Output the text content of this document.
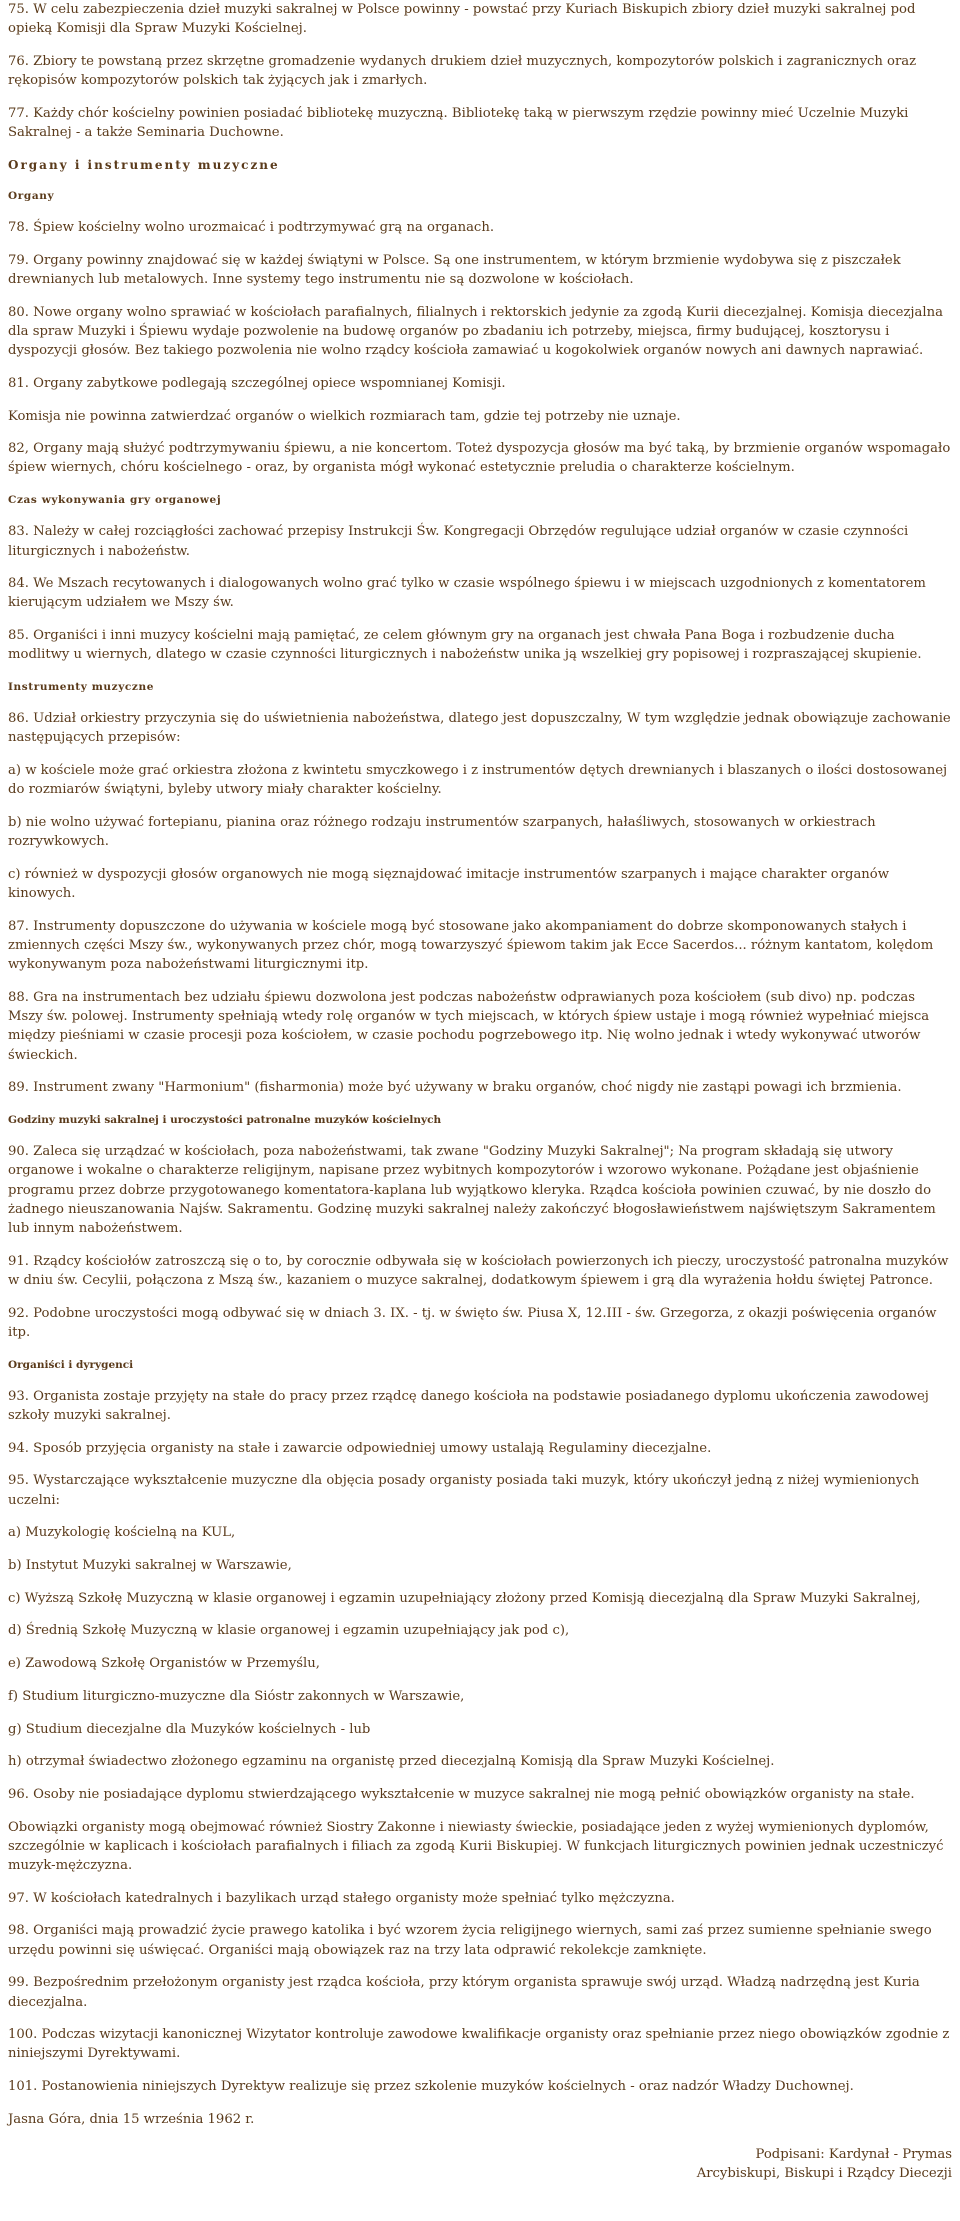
75. W celu zabezpieczenia dzieł muzyki sakralnej w Polsce powinny - powstać przy Kuriach Biskupich zbiory dzieł muzyki sakralnej pod opieką Komisji dla Spraw Muzyki Kościelnej.

76. Zbiory te powstaną przez skrzętne gromadzenie wydanych drukiem dzieł muzycznych, kompozytorów polskich i zagranicznych oraz rękopisów kompozytorów polskich tak żyjących jak i zmarłych.

77. Każdy chór kościelny powinien posiadać bibliotekę muzyczną. Bibliotekę taką w pierwszym rzędzie powinny mieć Uczelnie Muzyki Sakralnej - a także Seminaria Duchowne.

Organy i instrumenty muzyczne

Organy

78. Śpiew kościelny wolno urozmaicać i podtrzymywać grą na organach.

79. Organy powinny znajdować się w każdej świątyni w Polsce. Są one instrumentem, w którym brzmienie wydobywa się z piszczałek drewnianych lub metalowych. Inne systemy tego instrumentu nie są dozwolone w kościołach.

80. Nowe organy wolno sprawiać w kościołach parafialnych, filialnych i rektorskich jedynie za zgodą Kurii diecezjalnej. Komisja diecezjalna dla spraw Muzyki i Śpiewu wydaje pozwolenie na budowę organów po zbadaniu ich potrzeby, miejsca, firmy budującej, kosztorysu i dyspozycji głosów. Bez takiego pozwolenia nie wolno rządcy kościoła zamawiać u kogokolwiek organów nowych ani dawnych naprawiać.

81. Organy zabytkowe podlegają szczególnej opiece wspomnianej Komisji.

Komisja nie powinna zatwierdzać organów o wielkich rozmiarach tam, gdzie tej potrzeby nie uznaje.

82, Organy mają służyć podtrzymywaniu śpiewu, a nie koncertom. Toteż dyspozycja głosów ma być taką, by brzmienie organów wspomagało śpiew wiernych, chóru kościelnego - oraz, by organista mógł wykonać estetycznie preludia o charakterze kościelnym.

Czas wykonywania gry organowej

83. Należy w całej rozciągłości zachować przepisy Instrukcji Św. Kongregacji Obrzędów regulujące udział organów w czasie czynności liturgicznych i nabożeństw.

84. We Mszach recytowanych i dialogowanych wolno grać tylko w czasie wspólnego śpiewu i w miejscach uzgodnionych z komentatorem kierującym udziałem we Mszy św.

85. Organiści i inni muzycy kościelni mają pamiętać, ze celem głównym gry na organach jest chwała Pana Boga i rozbudzenie ducha modlitwy u wiernych, dlatego w czasie czynności liturgicznych i nabożeństw unika ją wszelkiej gry popisowej i rozpraszającej skupienie.

Instrumenty muzyczne

86. Udział orkiestry przyczynia się do uświetnienia nabożeństwa, dlatego jest dopuszczalny, W tym względzie jednak obowiązuje zachowanie następujących przepisów:

a) w kościele może grać orkiestra złożona z kwintetu smyczkowego i z instrumentów dętych drewnianych i blaszanych o ilości dostosowanej do rozmiarów świątyni, byleby utwory miały charakter kościelny.

b) nie wolno używać fortepianu, pianina oraz różnego rodzaju instrumentów szarpanych, hałaśliwych, stosowanych w orkiestrach rozrywkowych.

c) również w dyspozycji głosów organowych nie mogą sięznajdować imitacje instrumentów szarpanych i mające charakter organów kinowych.

87. Instrumenty dopuszczone do używania w kościele mogą być stosowane jako akompaniament do dobrze skomponowanych stałych i zmiennych części Mszy św., wykonywanych przez chór, mogą towarzyszyć śpiewom takim jak Ecce Sacerdos... różnym kantatom, kolędom wykonywanym poza nabożeństwami liturgicznymi itp.

88. Gra na instrumentach bez udziału śpiewu dozwolona jest podczas nabożeństw odprawianych poza kościołem (sub divo) np. podczas Mszy św. polowej. Instrumenty spełniają wtedy rolę organów w tych miejscach, w których śpiew ustaje i mogą również wypełniać miejsca między pieśniami w czasie procesji poza kościołem, w czasie pochodu pogrzebowego itp. Nię wolno jednak i wtedy wykonywać utworów świeckich.

89. Instrument zwany "Harmonium" (fisharmonia) może być używany w braku organów, choć nigdy nie zastąpi powagi ich brzmienia.

Godziny muzyki sakralnej i uroczystości patronalne muzyków kościelnych

90. Zaleca się urządzać w kościołach, poza nabożeństwami, tak zwane "Godziny Muzyki Sakralnej"; Na program składają się utwory organowe i wokalne o charakterze religijnym, napisane przez wybitnych kompozytorów i wzorowo wykonane. Pożądane jest objaśnienie programu przez dobrze przygotowanego komentatora-kaplana lub wyjątkowo kleryka. Rządca kościoła powinien czuwać, by nie doszło do żadnego nieuszanowania Najśw. Sakramentu. Godzinę muzyki sakralnej należy zakończyć błogosławieństwem najświętszym Sakramentem lub innym nabożeństwem.

91. Rządcy kościołów zatroszczą się o to, by corocznie odbywała się w kościołach powierzonych ich pieczy, uroczystość patronalna muzyków w dniu św. Cecylii, połączona z Mszą św., kazaniem o muzyce sakralnej, dodatkowym śpiewem i grą dla wyrażenia hołdu świętej Patronce.

92. Podobne uroczystości mogą odbywać się w dniach 3. IX. - tj. w święto św. Piusa X, 12.III - św. Grzegorza, z okazji poświęcenia organów itp.

Organiści i dyrygenci

93. Organista zostaje przyjęty na stałe do pracy przez rządcę danego kościoła na podstawie posiadanego dyplomu ukończenia zawodowej szkoły muzyki sakralnej.

94. Sposób przyjęcia organisty na stałe i zawarcie odpowiedniej umowy ustalają Regulaminy diecezjalne.

95. Wystarczające wykształcenie muzyczne dla objęcia posady organisty posiada taki muzyk, który ukończył jedną z niżej wymienionych uczelni:

a) Muzykologię kościelną na KUL,

b) Instytut Muzyki sakralnej w Warszawie,

c) Wyższą Szkołę Muzyczną w klasie organowej i egzamin uzupełniający złożony przed Komisją diecezjalną dla Spraw Muzyki Sakralnej,

d) Średnią Szkołę Muzyczną w klasie organowej i egzamin uzupełniający jak pod c),

e) Zawodową Szkołę Organistów w Przemyślu,

f) Studium liturgiczno-muzyczne dla Sióstr zakonnych w Warszawie,

g) Studium diecezjalne dla Muzyków kościelnych - lub

h) otrzymał świadectwo złożonego egzaminu na organistę przed diecezjalną Komisją dla Spraw Muzyki Kościelnej.

96. Osoby nie posiadające dyplomu stwierdzającego wykształcenie w muzyce sakralnej nie mogą pełnić obowiązków organisty na stałe.

Obowiązki organisty mogą obejmować również Siostry Zakonne i niewiasty świeckie, posiadające jeden z wyżej wymienionych dyplomów, szczególnie w kaplicach i kościołach parafialnych i filiach za zgodą Kurii Biskupiej. W funkcjach liturgicznych powinien jednak uczestniczyć muzyk-mężczyzna.

97. W kościołach katedralnych i bazylikach urząd stałego organisty może spełniać tylko mężczyzna.

98. Organiści mają prowadzić życie prawego katolika i być wzorem życia religijnego wiernych, sami zaś przez sumienne spełnianie swego urzędu powinni się uświęcać. Organiści mają obowiązek raz na trzy lata odprawić rekolekcje zamknięte.

99. Bezpośrednim przełożonym organisty jest rządca kościoła, przy którym organista sprawuje swój urząd. Władzą nadrzędną jest Kuria diecezjalna.

100. Podczas wizytacji kanonicznej Wizytator kontroluje zawodowe kwalifikacje organisty oraz spełnianie przez niego obowiązków zgodnie z niniejszymi Dyrektywami.

101. Postanowienia niniejszych Dyrektyw realizuje się przez szkolenie muzyków kościelnych - oraz nadzór Władzy Duchownej.

Jasna Góra, dnia 15 września 1962 r.

Podpisani: Kardynał - Prymas
Arcybiskupi, Biskupi i Rządcy Diecezji
